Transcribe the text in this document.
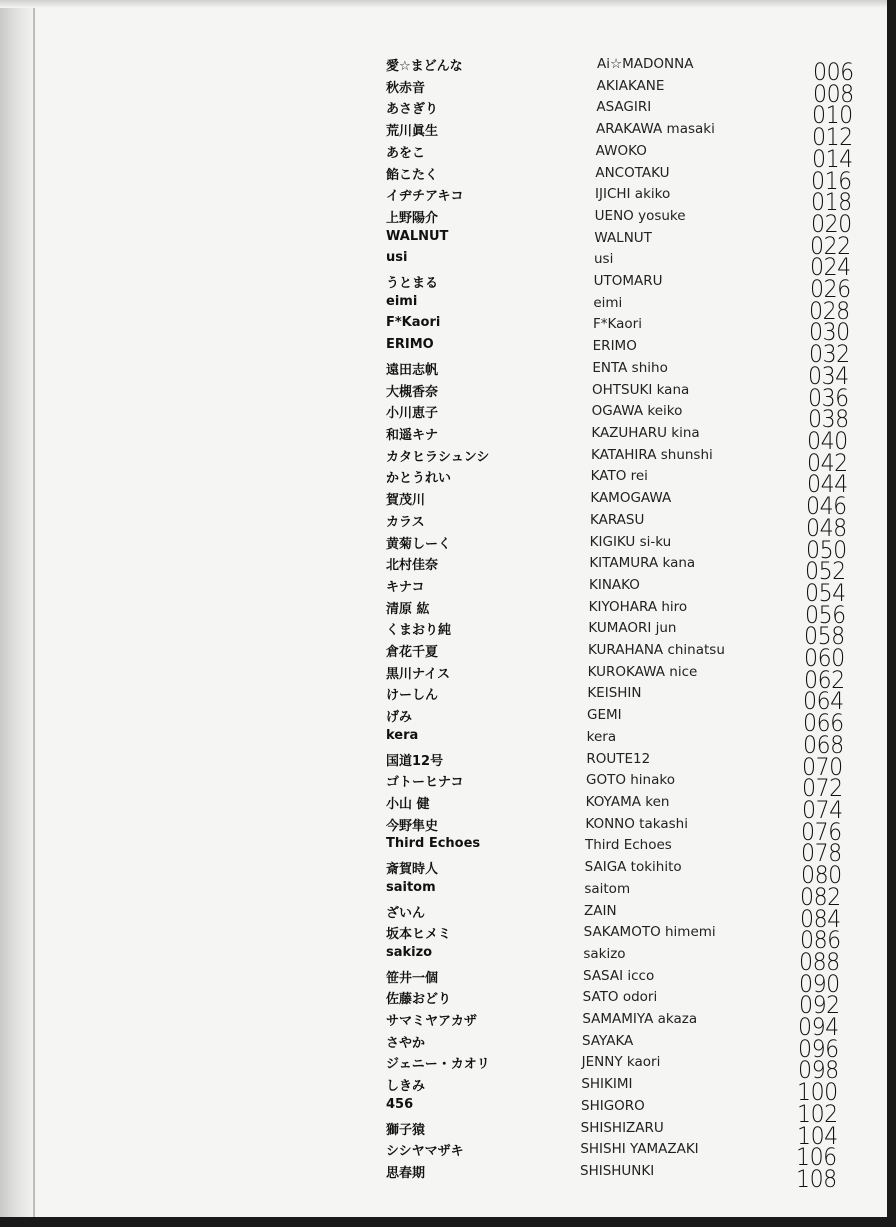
愛☆まどんな	Ai☆MADONNA	006
秋赤音	AKIAKANE	008
あさぎり	ASAGIRI	010
荒川眞生	ARAKAWA masaki	012
あをこ	AWOKO	014
餡こたく	ANCOTAKU	016
イヂチアキコ	IJICHI akiko	018
上野陽介	UENO yosuke	020
WALNUT	WALNUT	022
usi	usi	024
うとまる	UTOMARU	026
eimi	eimi	028
F*Kaori	F*Kaori	030
ERIMO	ERIMO	032
遠田志帆	ENTA shiho	034
大槻香奈	OHTSUKI kana	036
小川恵子	OGAWA keiko	038
和遥キナ	KAZUHARU kina	040
カタヒラシュンシ	KATAHIRA shunshi	042
かとうれい	KATO rei	044
賀茂川	KAMOGAWA	046
カラス	KARASU	048
黄菊しーく	KIGIKU si-ku	050
北村佳奈	KITAMURA kana	052
キナコ	KINAKO	054
清原 紘	KIYOHARA hiro	056
くまおり純	KUMAORI jun	058
倉花千夏	KURAHANA chinatsu	060
黒川ナイス	KUROKAWA nice	062
けーしん	KEISHIN	064
げみ	GEMI	066
kera	kera	068
国道12号	ROUTE12	070
ゴトーヒナコ	GOTO hinako	072
小山 健	KOYAMA ken	074
今野隼史	KONNO takashi	076
Third Echoes	Third Echoes	078
斎賀時人	SAIGA tokihito	080
saitom	saitom	082
ざいん	ZAIN	084
坂本ヒメミ	SAKAMOTO himemi	086
sakizo	sakizo	088
笹井一個	SASAI icco	090
佐藤おどり	SATO odori	092
サマミヤアカザ	SAMAMIYA akaza	094
さやか	SAYAKA	096
ジェニー・カオリ	JENNY kaori	098
しきみ	SHIKIMI	100
456	SHIGORO	102
獅子猿	SHISHIZARU	104
シシヤマザキ	SHISHI YAMAZAKI	106
思春期	SHISHUNKI	108
